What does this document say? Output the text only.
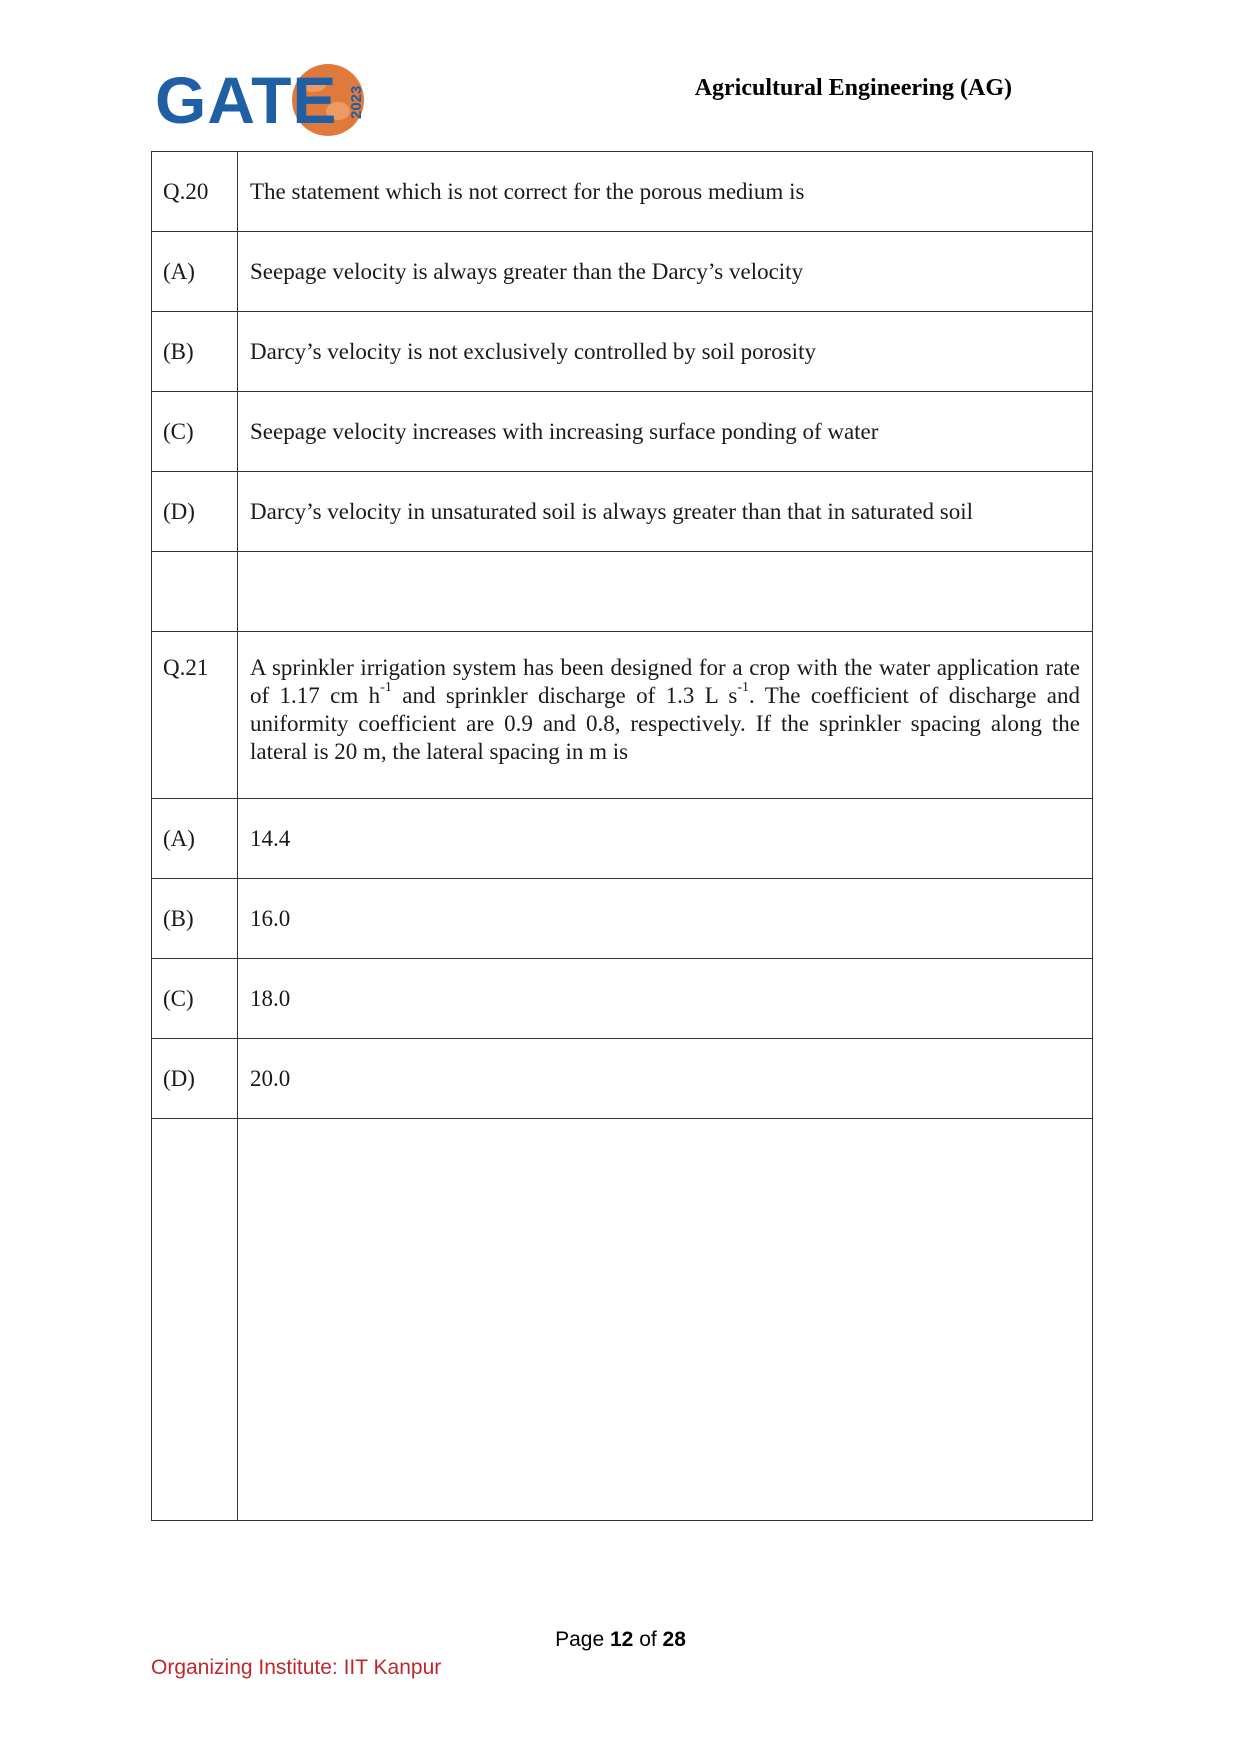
GATE 2023	Agricultural Engineering (AG)
Q.20	The statement which is not correct for the porous medium is
(A)	Seepage velocity is always greater than the Darcy’s velocity
(B)	Darcy’s velocity is not exclusively controlled by soil porosity
(C)	Seepage velocity increases with increasing surface ponding of water
(D)	Darcy’s velocity in unsaturated soil is always greater than that in saturated soil

Q.21	A sprinkler irrigation system has been designed for a crop with the water application rate of 1.17 cm $h^{-1}$ and sprinkler discharge of 1.3 L $s^{-1}$. The coefficient of discharge and uniformity coefficient are 0.9 and 0.8, respectively. If the sprinkler spacing along the lateral is 20 m, the lateral spacing in m is

(A)	14.4
(B)	16.0
(C)	18.0
(D)	20.0

Page 12 of 28
Organizing Institute: IIT Kanpur
